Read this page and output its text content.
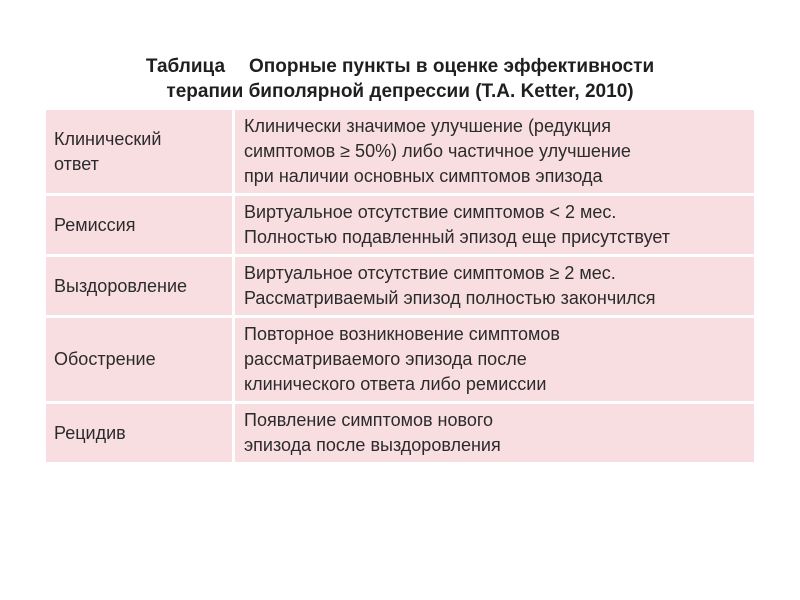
Таблица Опорные пункты в оценке эффективности
терапии биполярной депрессии (T.A. Ketter, 2010)
Клинический
ответ	Клинически значимое улучшение (редукция
симптомов ≥ 50%) либо частичное улучшение
при наличии основных симптомов эпизода

Ремиссия	Виртуальное отсутствие симптомов < 2 мес.
Полностью подавленный эпизод еще присутствует

Выздоровление	Виртуальное отсутствие симптомов ≥ 2 мес.
Рассматриваемый эпизод полностью закончился

Обострение	Повторное возникновение симптомов
рассматриваемого эпизода после
клинического ответа либо ремиссии

Рецидив	Появление симптомов нового
эпизода после выздоровления
